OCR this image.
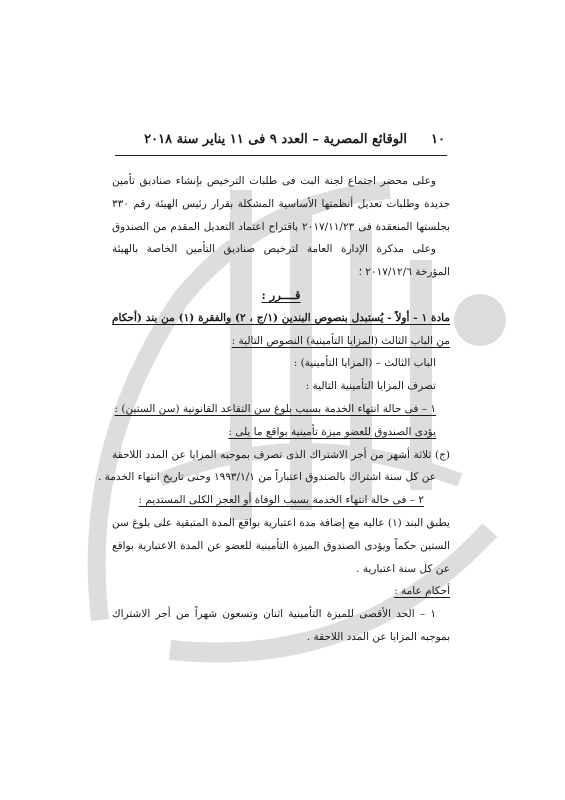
١٠
الوقائع المصرية – العدد ٩ فى ١١ يناير سنة ٢٠١٨
وعلى محضر اجتماع لجنة البت فى طلبات الترخيص بإنشاء صناديق تأمين
جديدة وطلبات تعديل أنظمتها الأساسية المشكلة بقرار رئيس الهيئة رقم ٣٣٠
بجلستها المنعقدة فى ٢٠١٧/١١/٢٣ باقتراح اعتماد التعديل المقدم من الصندوق
وعلى مذكرة الإدارة العامة لترخيص صناديق التأمين الخاصة بالهيئة
المؤرخة ٢٠١٧/١٢/٦ ؛
قــــرر :
مادة ١ - أولاً - يُستبدل بنصوص البندين (١/ج ، ٢) والفقرة (١) من بند (أحكام
من الباب الثالث (المزايا التأمينية) النصوص التالية :
الباب الثالث – (المزايا التأمينية) :
تصرف المزايا التأمينية التالية :
١ – فى حالة انتهاء الخدمة بسبب بلوغ سن التقاعد القانونية (سن الستين) :
يؤدى الصندوق للعضو ميزة تأمينية بواقع ما يلى :
(ج) ثلاثة أشهر من أجر الاشتراك الذى تصرف بموجبه المزايا عن المدد اللاحقة
عن كل سنة اشتراك بالصندوق اعتباراً من ١٩٩٣/١/١ وحتى تاريخ انتهاء الخدمة .
٢ – فى حالة انتهاء الخدمة بسبب الوفاة أو العجز الكلى المستديم :
يطبق البند (١) عاليه مع إضافة مدة اعتبارية بواقع المدة المتبقية على بلوغ سن
الستين حكماً ويؤدى الصندوق الميزة التأمينية للعضو عن المدة الاعتبارية بواقع
عن كل سنة اعتبارية .
أحكام عامة :
١ – الحد الأقصى للميزة التأمينية اثنان وتسعون شهراً من أجر الاشتراك
بموجبه المزايا عن المدد اللاحقة .
